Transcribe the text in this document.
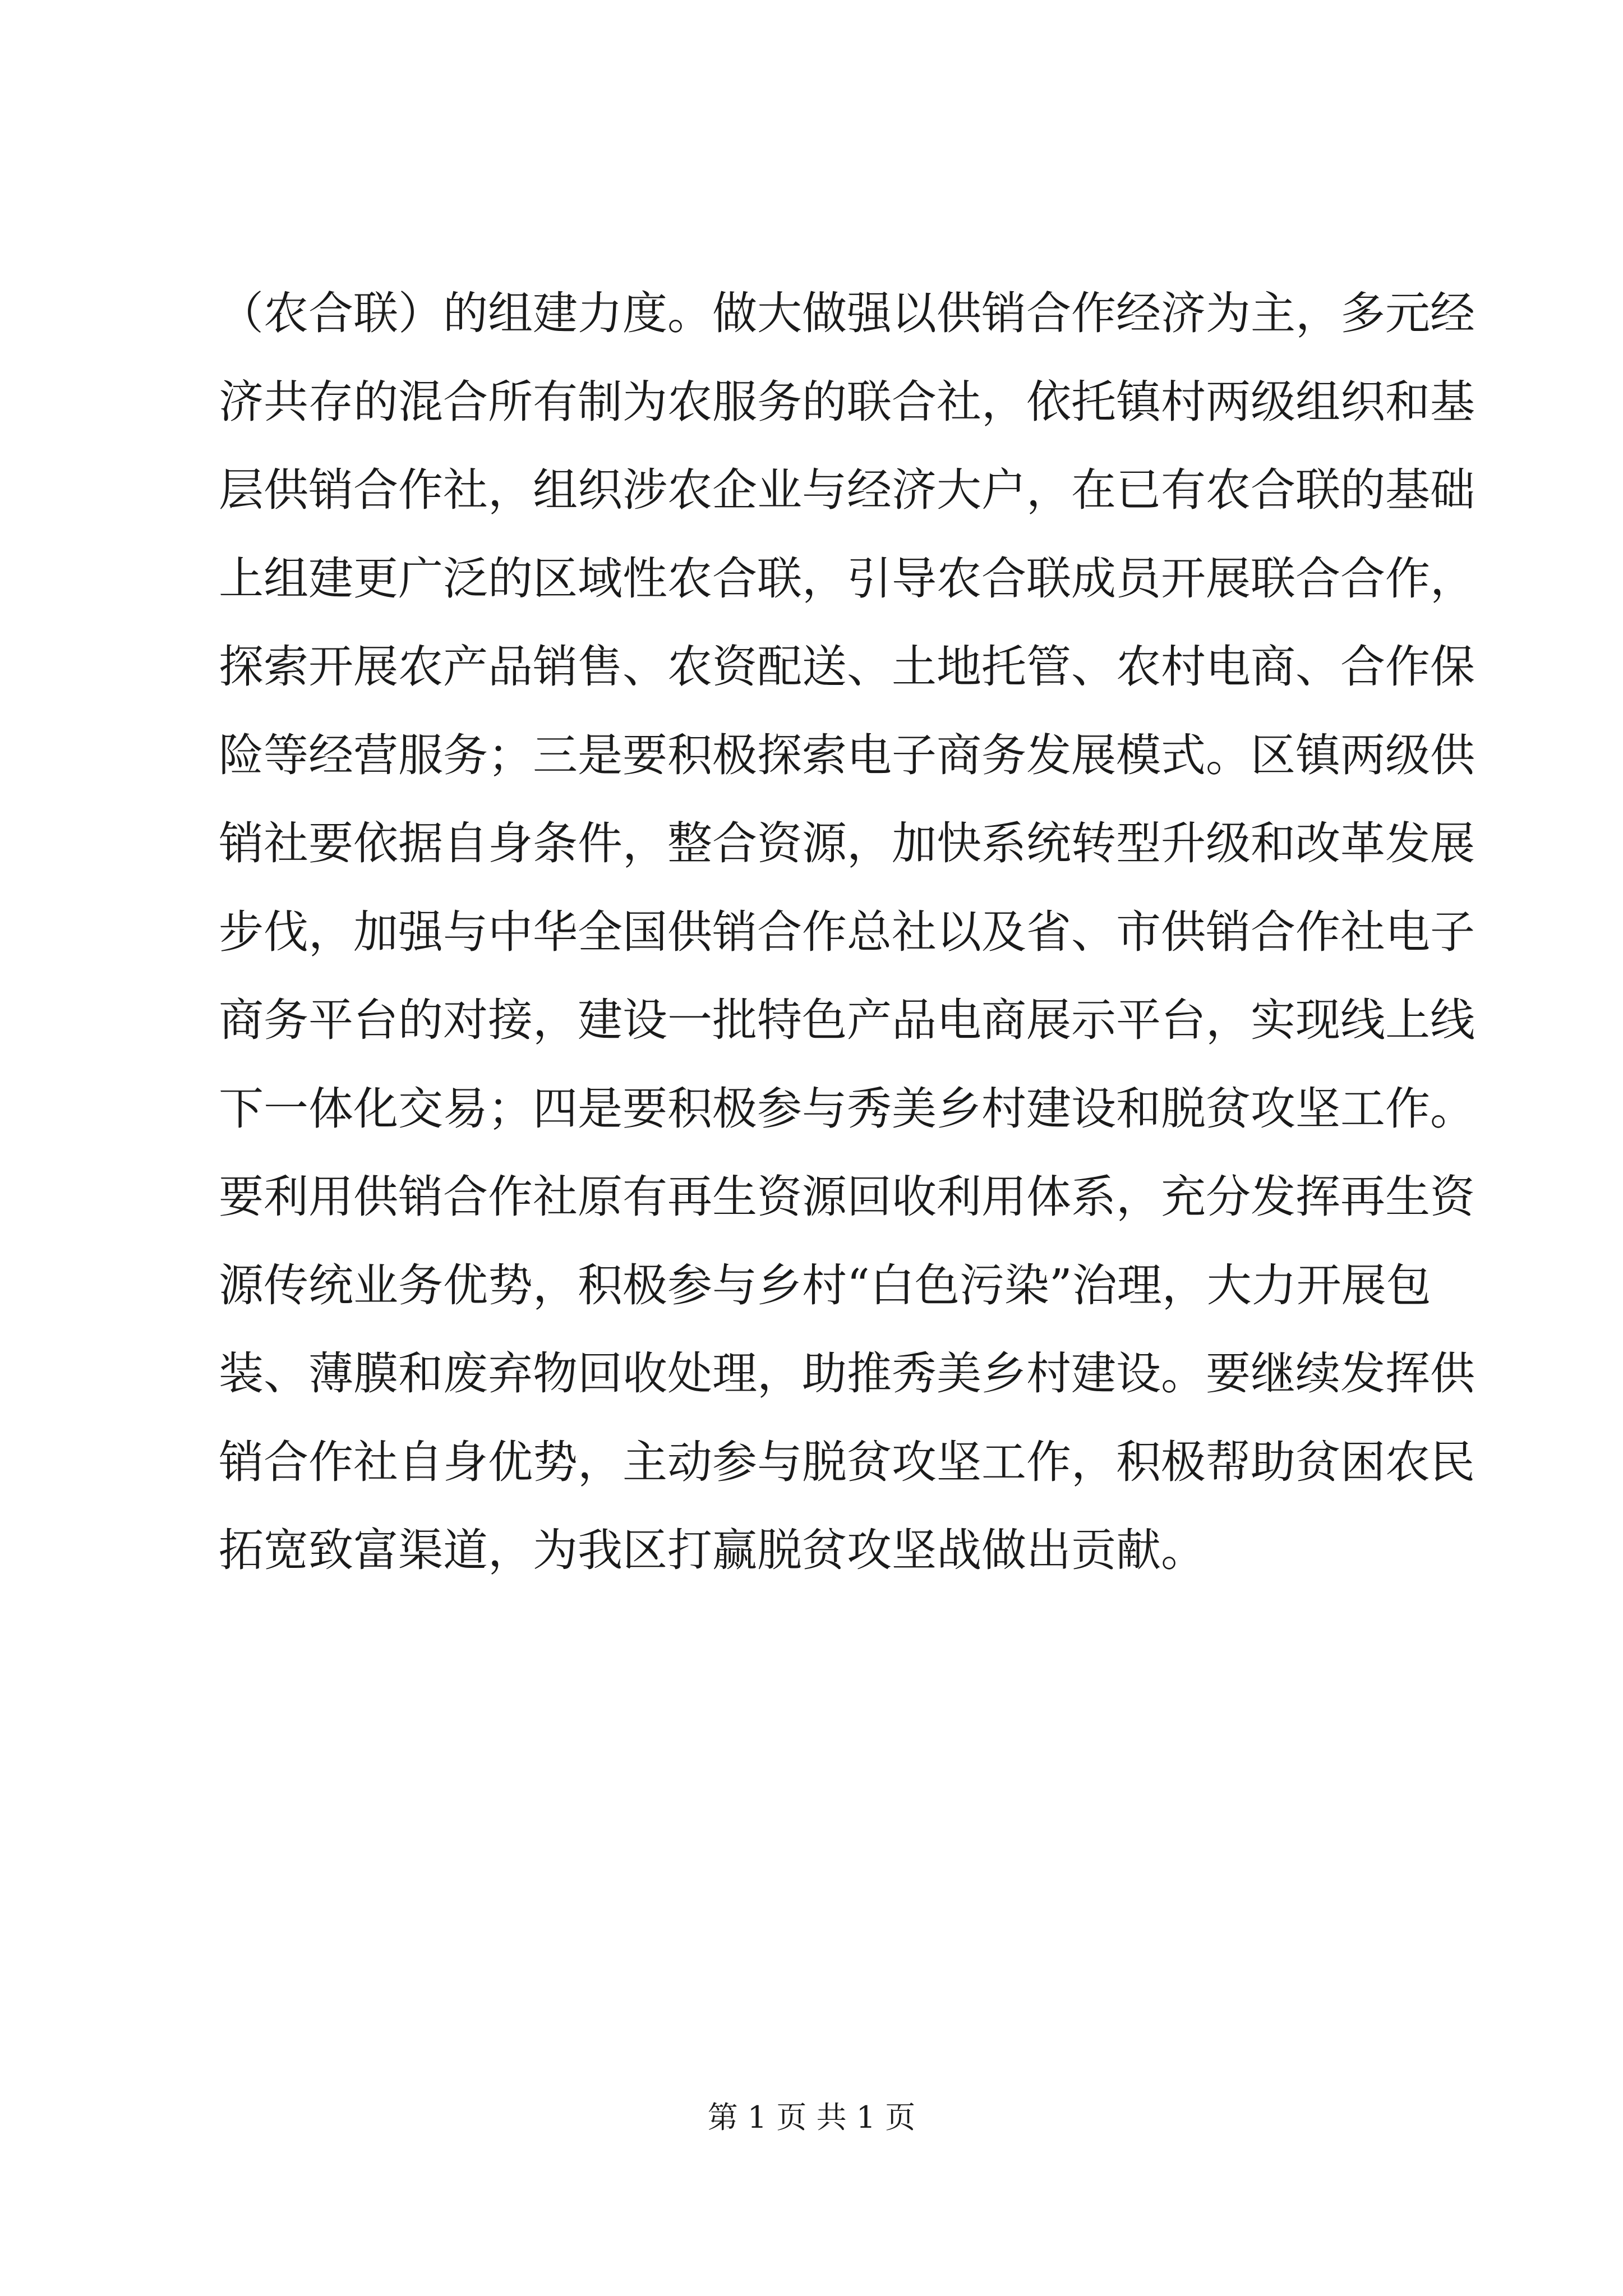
（农合联）的组建力度。做大做强以供销合作经济为主，多元经
济共存的混合所有制为农服务的联合社，依托镇村两级组织和基
层供销合作社，组织涉农企业与经济大户，在已有农合联的基础
上组建更广泛的区域性农合联，引导农合联成员开展联合合作，
探索开展农产品销售、农资配送、土地托管、农村电商、合作保
险等经营服务；三是要积极探索电子商务发展模式。区镇两级供
销社要依据自身条件，整合资源，加快系统转型升级和改革发展
步伐，加强与中华全国供销合作总社以及省、市供销合作社电子
商务平台的对接，建设一批特色产品电商展示平台，实现线上线
下一体化交易；四是要积极参与秀美乡村建设和脱贫攻坚工作。
要利用供销合作社原有再生资源回收利用体系，充分发挥再生资
源传统业务优势，积极参与乡村“白色污染”治理，大力开展包
装、薄膜和废弃物回收处理，助推秀美乡村建设。要继续发挥供
销合作社自身优势，主动参与脱贫攻坚工作，积极帮助贫困农民
拓宽致富渠道，为我区打赢脱贫攻坚战做出贡献。
第 1 页 共 1 页
